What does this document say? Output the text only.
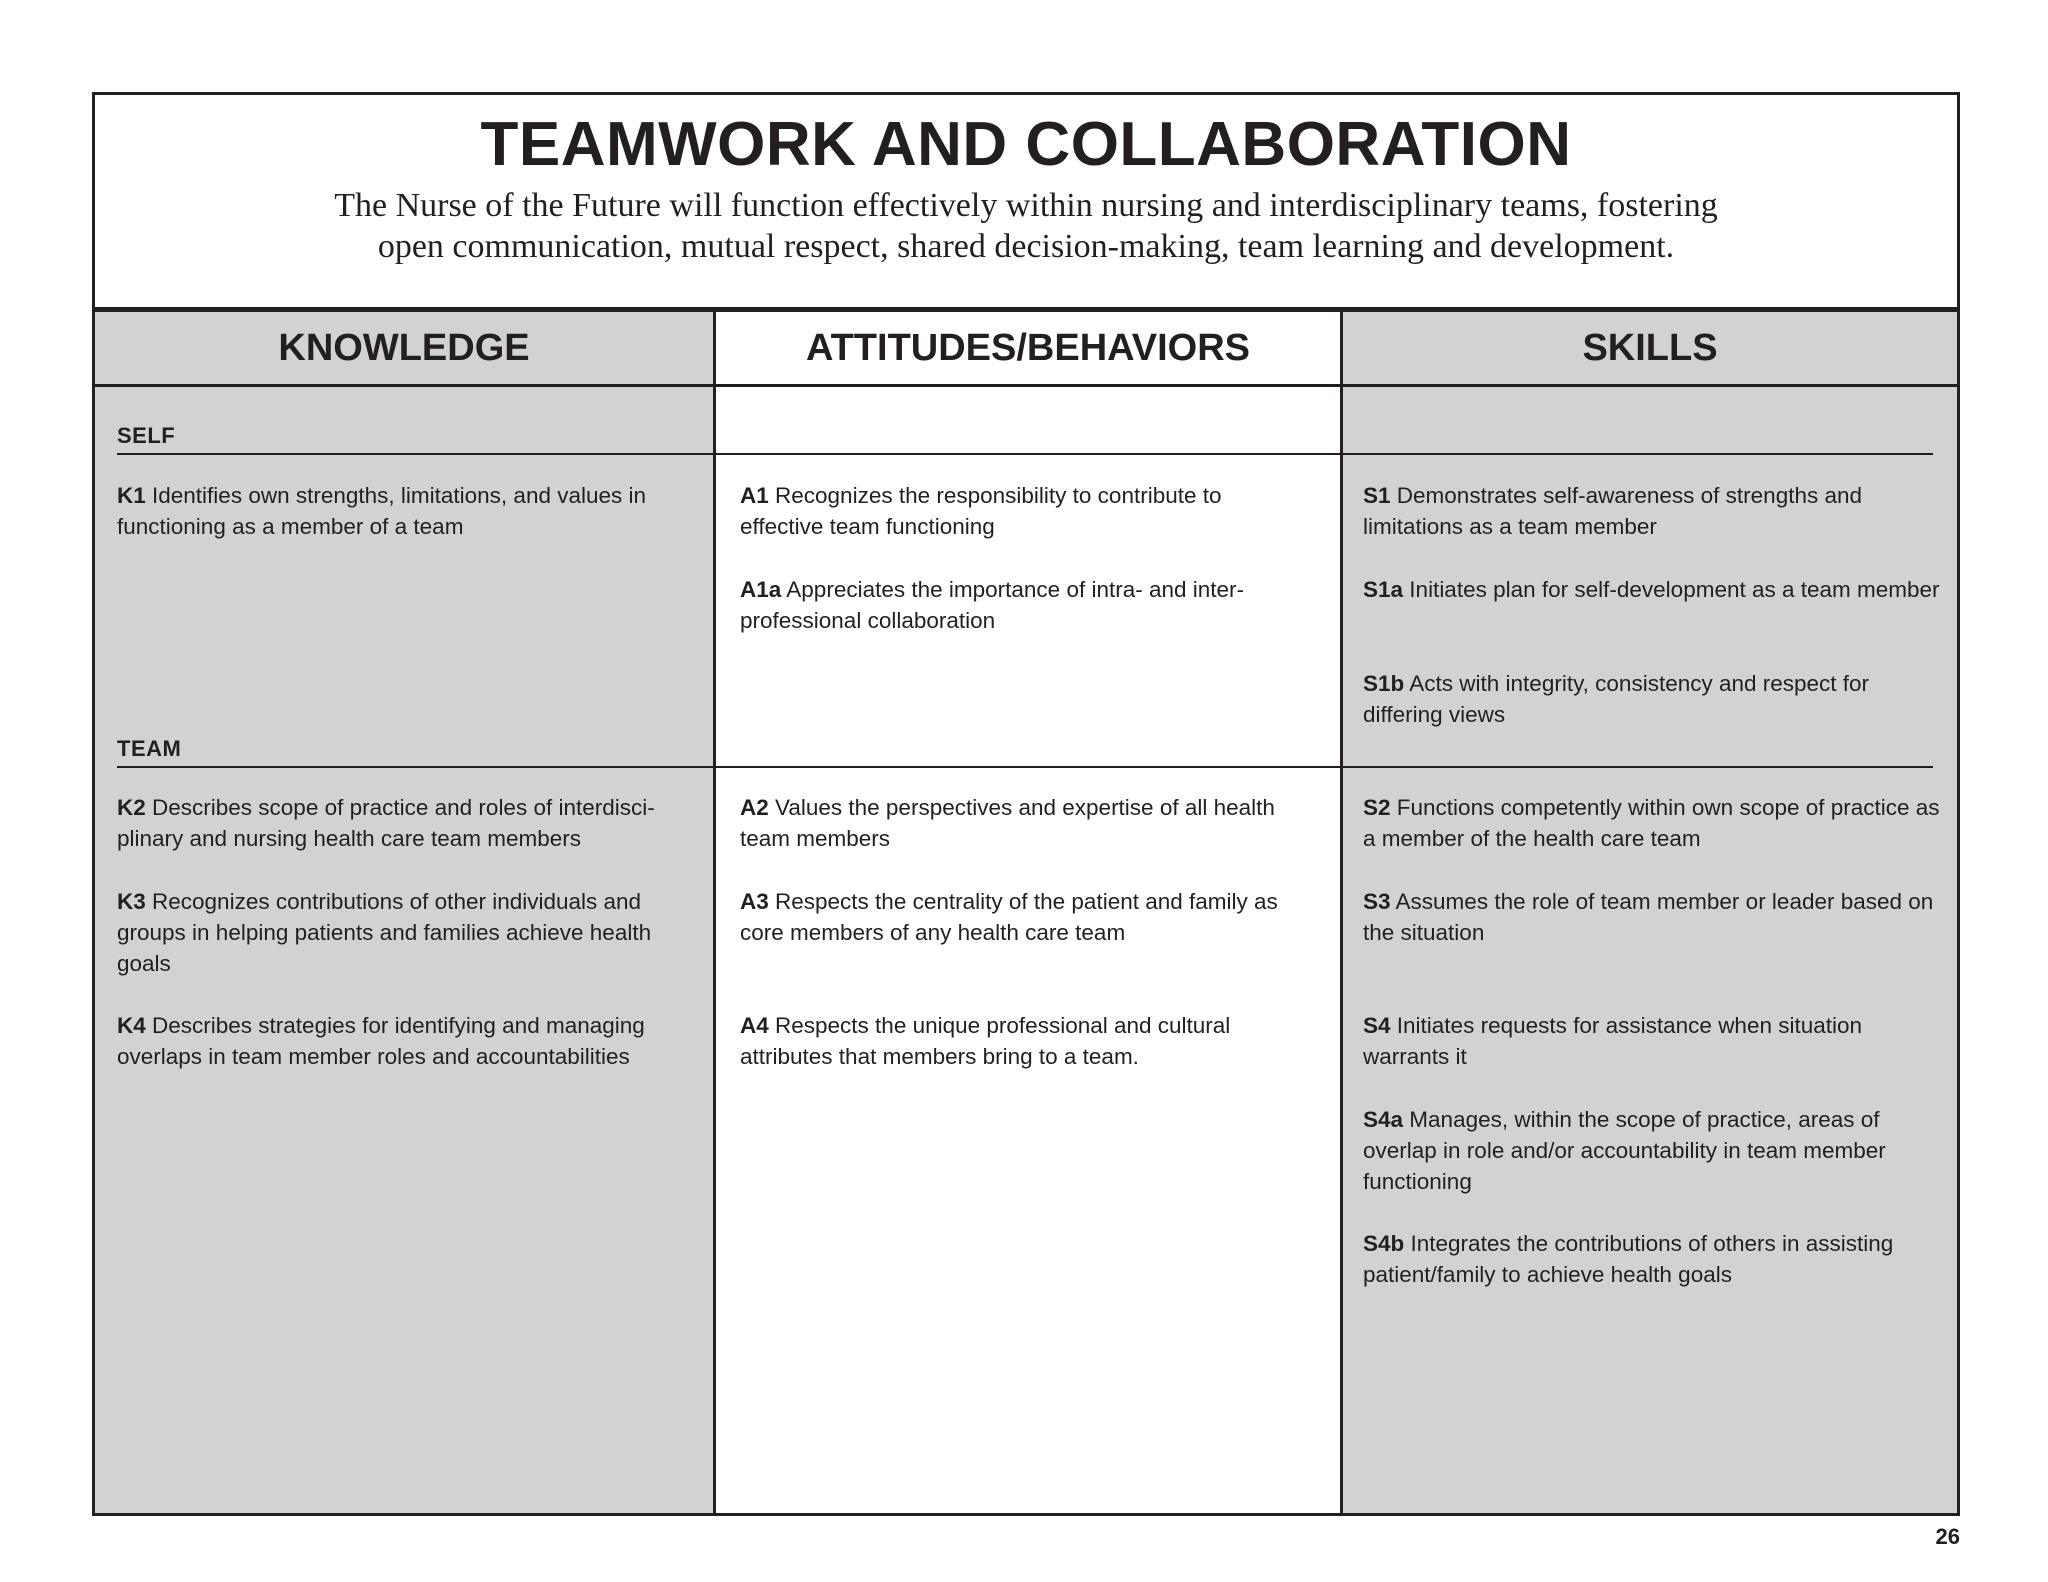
TEAMWORK AND COLLABORATION
The Nurse of the Future will function effectively within nursing and interdisciplinary teams, fostering
open communication, mutual respect, shared decision-making, team learning and development.
KNOWLEDGE
SELF
K1 Identifies own strengths, limitations, and values in functioning as a member of a team
TEAM
K2 Describes scope of practice and roles of interdisci-plinary and nursing health care team members
K3 Recognizes contributions of other individuals and groups in helping patients and families achieve health goals
K4 Describes strategies for identifying and managing overlaps in team member roles and accountabilities
ATTITUDES/BEHAVIORS
A1 Recognizes the responsibility to contribute to effective team functioning
A1a Appreciates the importance of intra- and inter-professional collaboration
A2 Values the perspectives and expertise of all health team members
A3 Respects the centrality of the patient and family as core members of any health care team
A4 Respects the unique professional and cultural attributes that members bring to a team.
SKILLS
S1 Demonstrates self-awareness of strengths and limitations as a team member
S1a Initiates plan for self-development as a team member
S1b Acts with integrity, consistency and respect for differing views
S2 Functions competently within own scope of practice as a member of the health care team
S3 Assumes the role of team member or leader based on the situation
S4 Initiates requests for assistance when situation warrants it
S4a Manages, within the scope of practice, areas of overlap in role and/or accountability in team member functioning
S4b Integrates the contributions of others in assisting patient/family to achieve health goals
26
